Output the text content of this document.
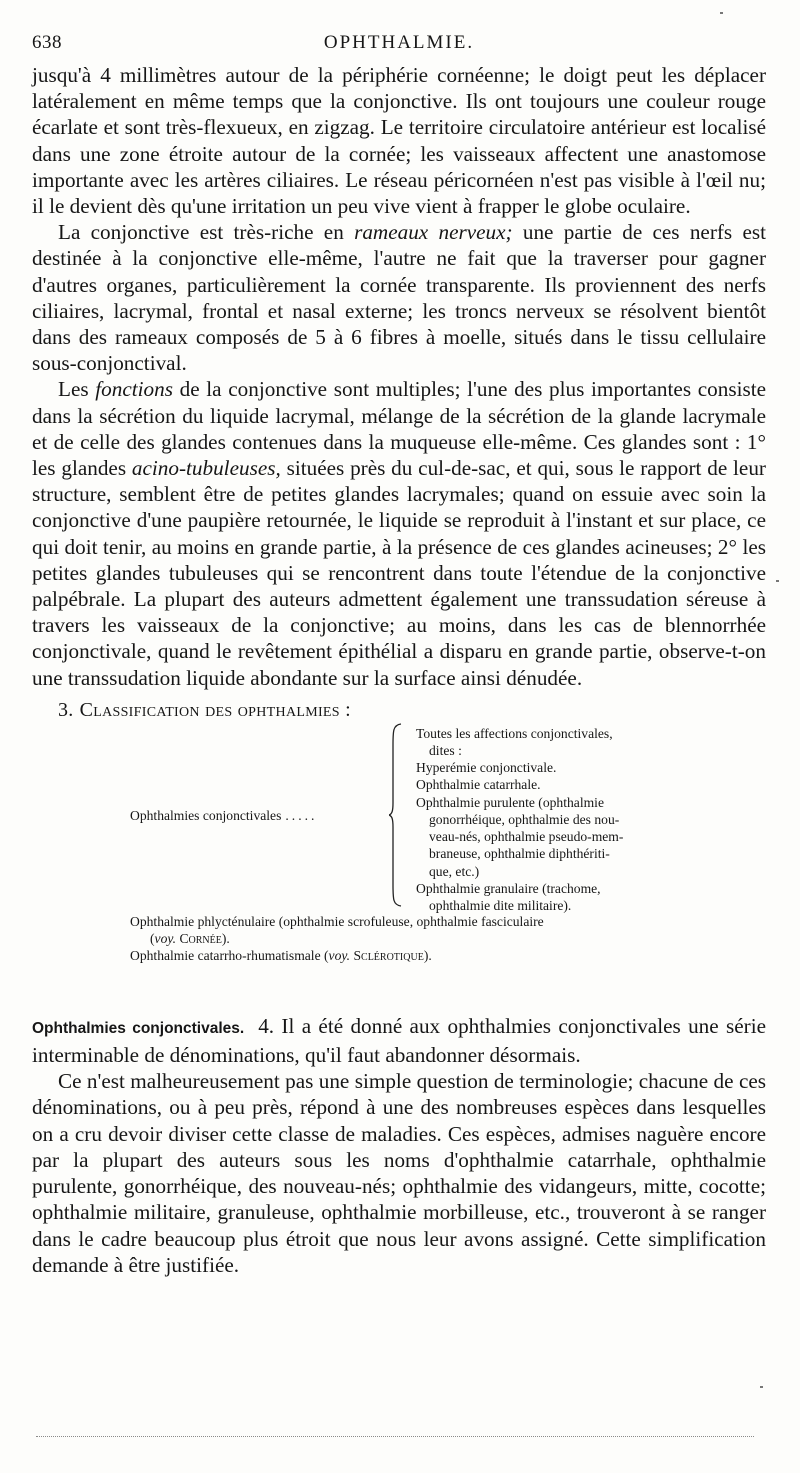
638	OPHTHALMIE.

jusqu'à 4 millimètres autour de la périphérie cornéenne; le doigt peut les déplacer latéralement en même temps que la conjonctive. Ils ont toujours une couleur rouge écarlate et sont très-flexueux, en zigzag. Le territoire circulatoire antérieur est localisé dans une zone étroite autour de la cornée; les vaisseaux affectent une anastomose importante avec les artères ciliaires. Le réseau péricornéen n'est pas visible à l'œil nu; il le devient dès qu'une irritation un peu vive vient à frapper le globe oculaire.

La conjonctive est très-riche en rameaux nerveux; une partie de ces nerfs est destinée à la conjonctive elle-même, l'autre ne fait que la traverser pour gagner d'autres organes, particulièrement la cornée transparente. Ils proviennent des nerfs ciliaires, lacrymal, frontal et nasal externe; les troncs nerveux se résolvent bientôt dans des rameaux composés de 5 à 6 fibres à moelle, situés dans le tissu cellulaire sous-conjonctival.

Les fonctions de la conjonctive sont multiples; l'une des plus importantes consiste dans la sécrétion du liquide lacrymal, mélange de la sécrétion de la glande lacrymale et de celle des glandes contenues dans la muqueuse elle-même. Ces glandes sont : 1° les glandes acino-tubuleuses, situées près du cul-de-sac, et qui, sous le rapport de leur structure, semblent être de petites glandes lacrymales; quand on essuie avec soin la conjonctive d'une paupière retournée, le liquide se reproduit à l'instant et sur place, ce qui doit tenir, au moins en grande partie, à la présence de ces glandes acineuses; 2° les petites glandes tubuleuses qui se rencontrent dans toute l'étendue de la conjonctive palpébrale. La plupart des auteurs admettent également une transsudation séreuse à travers les vaisseaux de la conjonctive; au moins, dans les cas de blennorrhée conjonctivale, quand le revêtement épithélial a disparu en grande partie, observe-t-on une transsudation liquide abondante sur la surface ainsi dénudée.

3. Classification des ophthalmies :
Ophthalmies conjonctivales .....
Toutes les affections conjonctivales,
dites :
Hyperémie conjonctivale.
Ophthalmie catarrhale.
Ophthalmie purulente (ophthalmie
gonorrhéique, ophthalmie des nou-
veau-nés, ophthalmie pseudo-mem-
braneuse, ophthalmie diphthériti-
que, etc.)
Ophthalmie granulaire (trachome,
ophthalmie dite militaire).
Ophthalmie phlycténulaire (ophthalmie scrofuleuse, ophthalmie fasciculaire
(voy. Cornée).
Ophthalmie catarrho-rhumatismale (voy. Sclérotique).

Ophthalmies conjonctivales. 4. Il a été donné aux ophthalmies conjonctivales une série interminable de dénominations, qu'il faut abandonner désormais.

Ce n'est malheureusement pas une simple question de terminologie; chacune de ces dénominations, ou à peu près, répond à une des nombreuses espèces dans lesquelles on a cru devoir diviser cette classe de maladies. Ces espèces, admises naguère encore par la plupart des auteurs sous les noms d'ophthalmie catarrhale, ophthalmie purulente, gonorrhéique, des nouveau-nés; ophthalmie des vidangeurs, mitte, cocotte; ophthalmie militaire, granuleuse, ophthalmie morbilleuse, etc., trouveront à se ranger dans le cadre beaucoup plus étroit que nous leur avons assigné. Cette simplification demande à être justifiée.
